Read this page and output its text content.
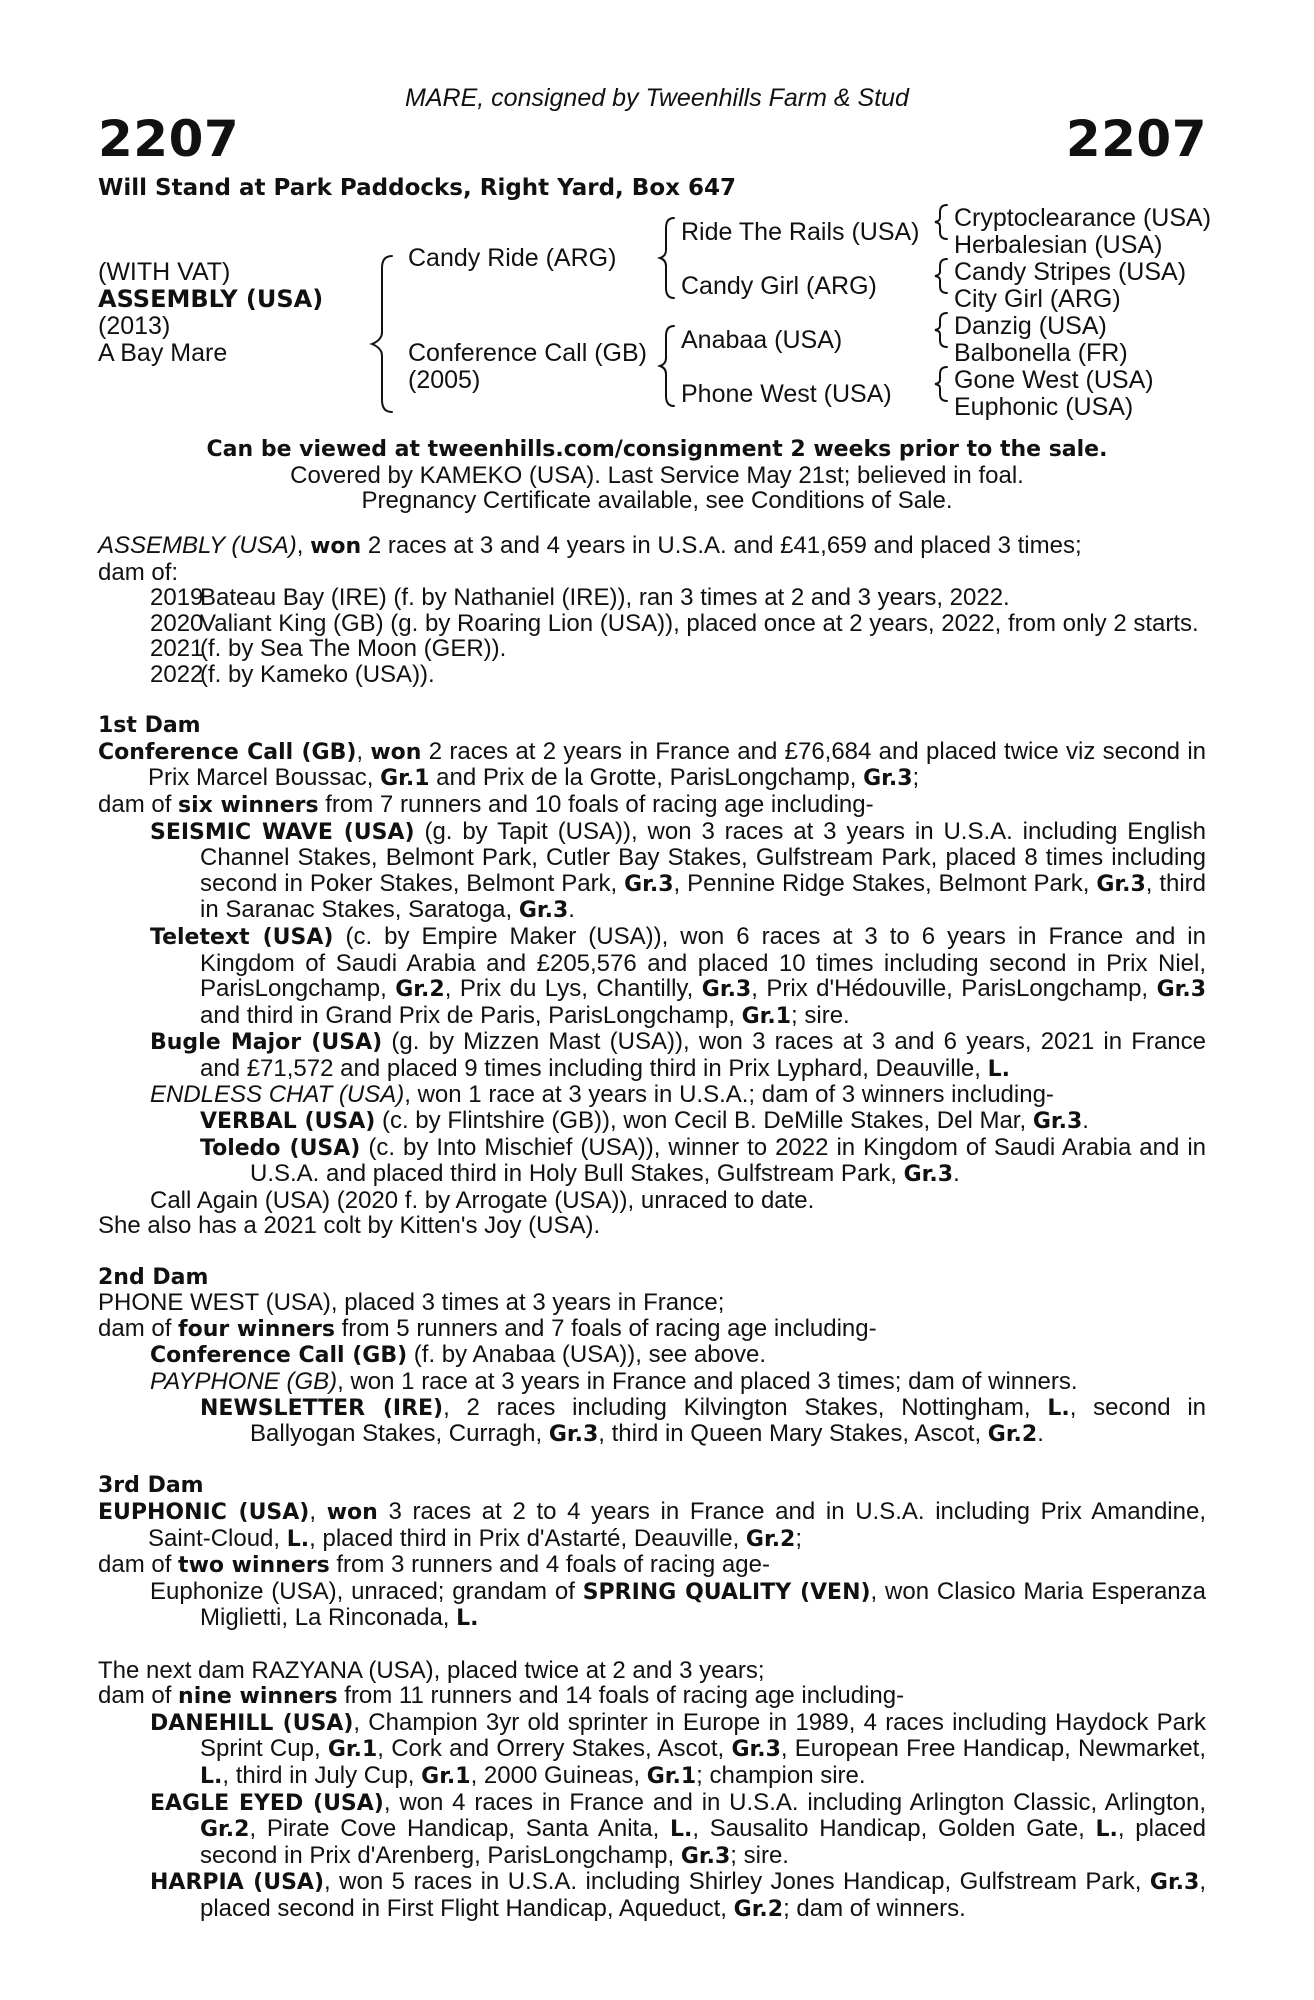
MARE, consigned by Tweenhills Farm & Stud
2207	2207
Will Stand at Park Paddocks, Right Yard, Box 647
(WITH VAT)
ASSEMBLY (USA)
(2013)
A Bay Mare
Candy Ride (ARG)
Conference Call (GB)
(2005)
Ride The Rails (USA)
Candy Girl (ARG)
Anabaa (USA)
Phone West (USA)
Cryptoclearance (USA)
Herbalesian (USA)
Candy Stripes (USA)
City Girl (ARG)
Danzig (USA)
Balbonella (FR)
Gone West (USA)
Euphonic (USA)
Can be viewed at tweenhills.com/consignment 2 weeks prior to the sale.
Covered by KAMEKO (USA). Last Service May 21st; believed in foal.
Pregnancy Certificate available, see Conditions of Sale.

ASSEMBLY (USA), won 2 races at 3 and 4 years in U.S.A. and £41,659 and placed 3 times;

dam of:

2019
Bateau Bay (IRE) (f. by Nathaniel (IRE)), ran 3 times at 2 and 3 years, 2022.
2020
Valiant King (GB) (g. by Roaring Lion (USA)), placed once at 2 years, 2022, from only 2 starts.
2021
(f. by Sea The Moon (GER)).
2022
(f. by Kameko (USA)).

1st Dam

Conference Call (GB), won 2 races at 2 years in France and £76,684 and placed twice viz second in Prix Marcel Boussac, Gr.1 and Prix de la Grotte, ParisLongchamp, Gr.3;

dam of six winners from 7 runners and 10 foals of racing age including-

SEISMIC WAVE (USA) (g. by Tapit (USA)), won 3 races at 3 years in U.S.A. including English Channel Stakes, Belmont Park, Cutler Bay Stakes, Gulfstream Park, placed 8 times including second in Poker Stakes, Belmont Park, Gr.3, Pennine Ridge Stakes, Belmont Park, Gr.3, third in Saranac Stakes, Saratoga, Gr.3.

Teletext (USA) (c. by Empire Maker (USA)), won 6 races at 3 to 6 years in France and in Kingdom of Saudi Arabia and £205,576 and placed 10 times including second in Prix Niel, ParisLongchamp, Gr.2, Prix du Lys, Chantilly, Gr.3, Prix d'Hédouville, ParisLongchamp, Gr.3 and third in Grand Prix de Paris, ParisLongchamp, Gr.1; sire.

Bugle Major (USA) (g. by Mizzen Mast (USA)), won 3 races at 3 and 6 years, 2021 in France and £71,572 and placed 9 times including third in Prix Lyphard, Deauville, L.

ENDLESS CHAT (USA), won 1 race at 3 years in U.S.A.; dam of 3 winners including-

VERBAL (USA) (c. by Flintshire (GB)), won Cecil B. DeMille Stakes, Del Mar, Gr.3.

Toledo (USA) (c. by Into Mischief (USA)), winner to 2022 in Kingdom of Saudi Arabia and in U.S.A. and placed third in Holy Bull Stakes, Gulfstream Park, Gr.3.

Call Again (USA) (2020 f. by Arrogate (USA)), unraced to date.

She also has a 2021 colt by Kitten's Joy (USA).

2nd Dam

PHONE WEST (USA), placed 3 times at 3 years in France;

dam of four winners from 5 runners and 7 foals of racing age including-

Conference Call (GB) (f. by Anabaa (USA)), see above.

PAYPHONE (GB), won 1 race at 3 years in France and placed 3 times; dam of winners.

NEWSLETTER (IRE), 2 races including Kilvington Stakes, Nottingham, L., second in Ballyogan Stakes, Curragh, Gr.3, third in Queen Mary Stakes, Ascot, Gr.2.

3rd Dam

EUPHONIC (USA), won 3 races at 2 to 4 years in France and in U.S.A. including Prix Amandine, Saint-Cloud, L., placed third in Prix d'Astarté, Deauville, Gr.2;

dam of two winners from 3 runners and 4 foals of racing age-

Euphonize (USA), unraced; grandam of SPRING QUALITY (VEN), won Clasico Maria Esperanza Miglietti, La Rinconada, L.

The next dam RAZYANA (USA), placed twice at 2 and 3 years;

dam of nine winners from 11 runners and 14 foals of racing age including-

DANEHILL (USA), Champion 3yr old sprinter in Europe in 1989, 4 races including Haydock Park Sprint Cup, Gr.1, Cork and Orrery Stakes, Ascot, Gr.3, European Free Handicap, Newmarket, L., third in July Cup, Gr.1, 2000 Guineas, Gr.1; champion sire.

EAGLE EYED (USA), won 4 races in France and in U.S.A. including Arlington Classic, Arlington, Gr.2, Pirate Cove Handicap, Santa Anita, L., Sausalito Handicap, Golden Gate, L., placed second in Prix d'Arenberg, ParisLongchamp, Gr.3; sire.

HARPIA (USA), won 5 races in U.S.A. including Shirley Jones Handicap, Gulfstream Park, Gr.3, placed second in First Flight Handicap, Aqueduct, Gr.2; dam of winners.
